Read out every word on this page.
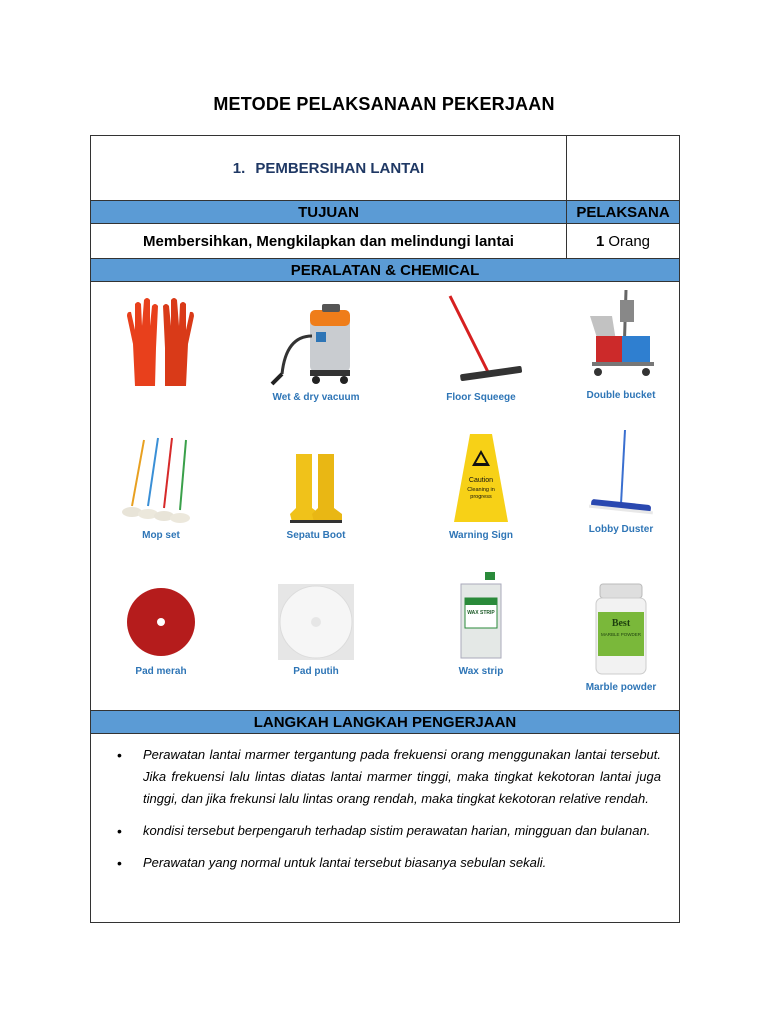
METODE PELAKSANAAN PEKERJAAN
1. PEMBERSIHAN LANTAI
TUJUAN	PELAKSANA
Membersihkan, Mengkilapkan dan melindungi lantai	1 Orang
PERALATAN & CHEMICAL
Wet & dry vacuum	Floor Squeege	Double bucket
Mop set	Sepatu Boot
Caution
Cleaning in
progress
Warning Sign
Lobby Duster
Pad merah	Pad putih
WAX STRIP
Wax strip
Best
MARBLE POWDER
Marble powder
LANGKAH LANGKAH PENGERJAAN
• Perawatan lantai marmer tergantung pada frekuensi orang menggunakan lantai tersebut. Jika frekuensi lalu lintas diatas lantai marmer tinggi, maka tingkat kekotoran lantai juga tinggi, dan jika frekunsi lalu lintas orang rendah, maka tingkat kekotoran relative rendah.
• kondisi tersebut berpengaruh terhadap sistim perawatan harian, mingguan dan bulanan.
• Perawatan yang normal untuk lantai tersebut biasanya sebulan sekali.
